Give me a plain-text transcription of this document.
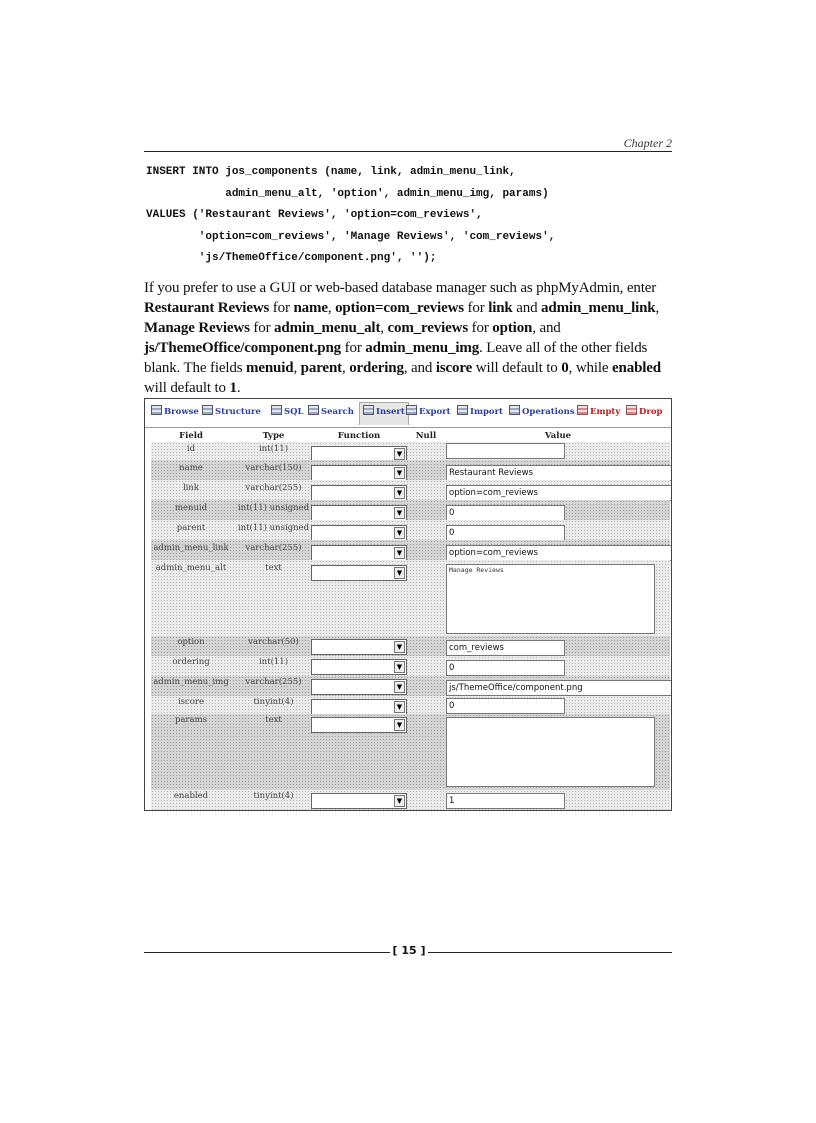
Chapter 2
INSERT INTO jos_components (name, link, admin_menu_link,
admin_menu_alt, 'option', admin_menu_img, params)
VALUES ('Restaurant Reviews', 'option=com_reviews',
'option=com_reviews', 'Manage Reviews', 'com_reviews',
'js/ThemeOffice/component.png', '');

If you prefer to use a GUI or web-based database manager such as phpMyAdmin, enter Restaurant Reviews for name, option=com_reviews for link and admin_menu_link, Manage Reviews for admin_menu_alt, com_reviews for option, and js/ThemeOffice/component.png for admin_menu_img. Leave all of the other fields blank. The fields menuid, parent, ordering, and iscore will default to 0, while enabled will default to 1.

Browse	Structure	SQL	Search	Insert	Export	Import	Operations	Empty	Drop
Field	Type	Function	Null	Value
id	int(11)	▼
name	varchar(150)	▼	Restaurant Reviews
link	varchar(255)	▼	option=com_reviews
menuid	int(11) unsigned	▼	0
parent	int(11) unsigned	▼	0
admin_menu_link	varchar(255)	▼	option=com_reviews
admin_menu_alt	text	▼	Manage Reviews
option	varchar(50)	▼	com_reviews
ordering	int(11)	▼	0
admin_menu_img	varchar(255)	▼	js/ThemeOffice/component.png
iscore	tinyint(4)	▼	0
params	text	▼
enabled	tinyint(4)	▼	1
[ 15 ]
